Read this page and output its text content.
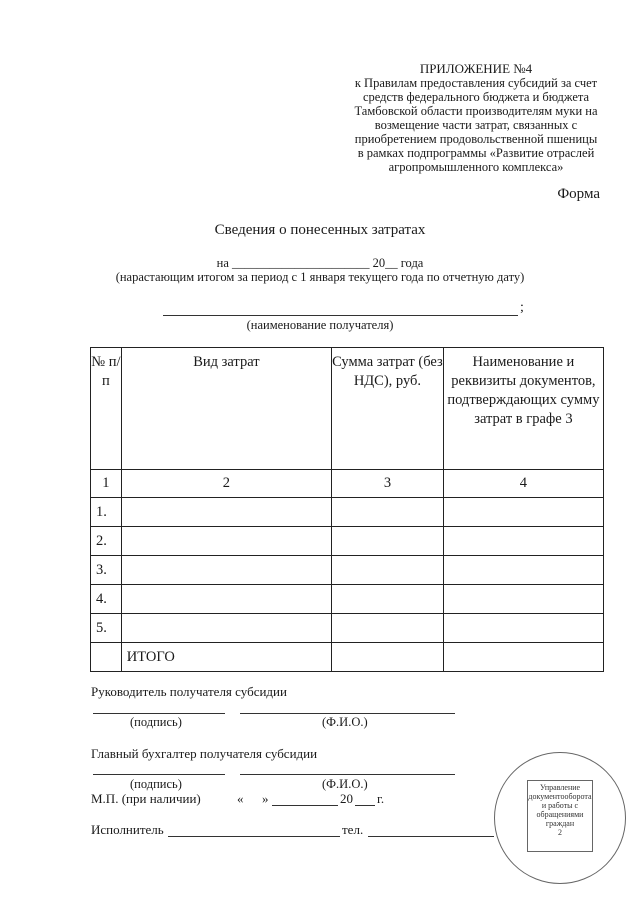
ПРИЛОЖЕНИЕ №4
к Правилам предоставления субсидий за счет
средств федерального бюджета и бюджета
Тамбовской области производителям муки на
возмещение части затрат, связанных с
приобретением продовольственной пшеницы
в рамках подпрограммы «Развитие отраслей
агропромышленного комплекса»
Форма
Сведения о понесенных затратах
на ______________________ 20__ года
(нарастающим итогом за период с 1 января текущего года по отчетную дату)
;
(наименование получателя)
№ п/п	Вид затрат	Сумма затрат (без НДС), руб.	Наименование и реквизиты документов, подтверждающих сумму затрат в графе 3
1	2	3	4
1.			
2.			
3.			
4.			
5.			
	ИТОГО		
Руководитель получателя субсидии
(подпись)	(Ф.И.О.)
Главный бухгалтер получателя субсидии
(подпись)	(Ф.И.О.)
М.П. (при наличии)	« »	20 г.
Исполнитель	тел.
Управление документооборота и работы с обращениями граждан
2
